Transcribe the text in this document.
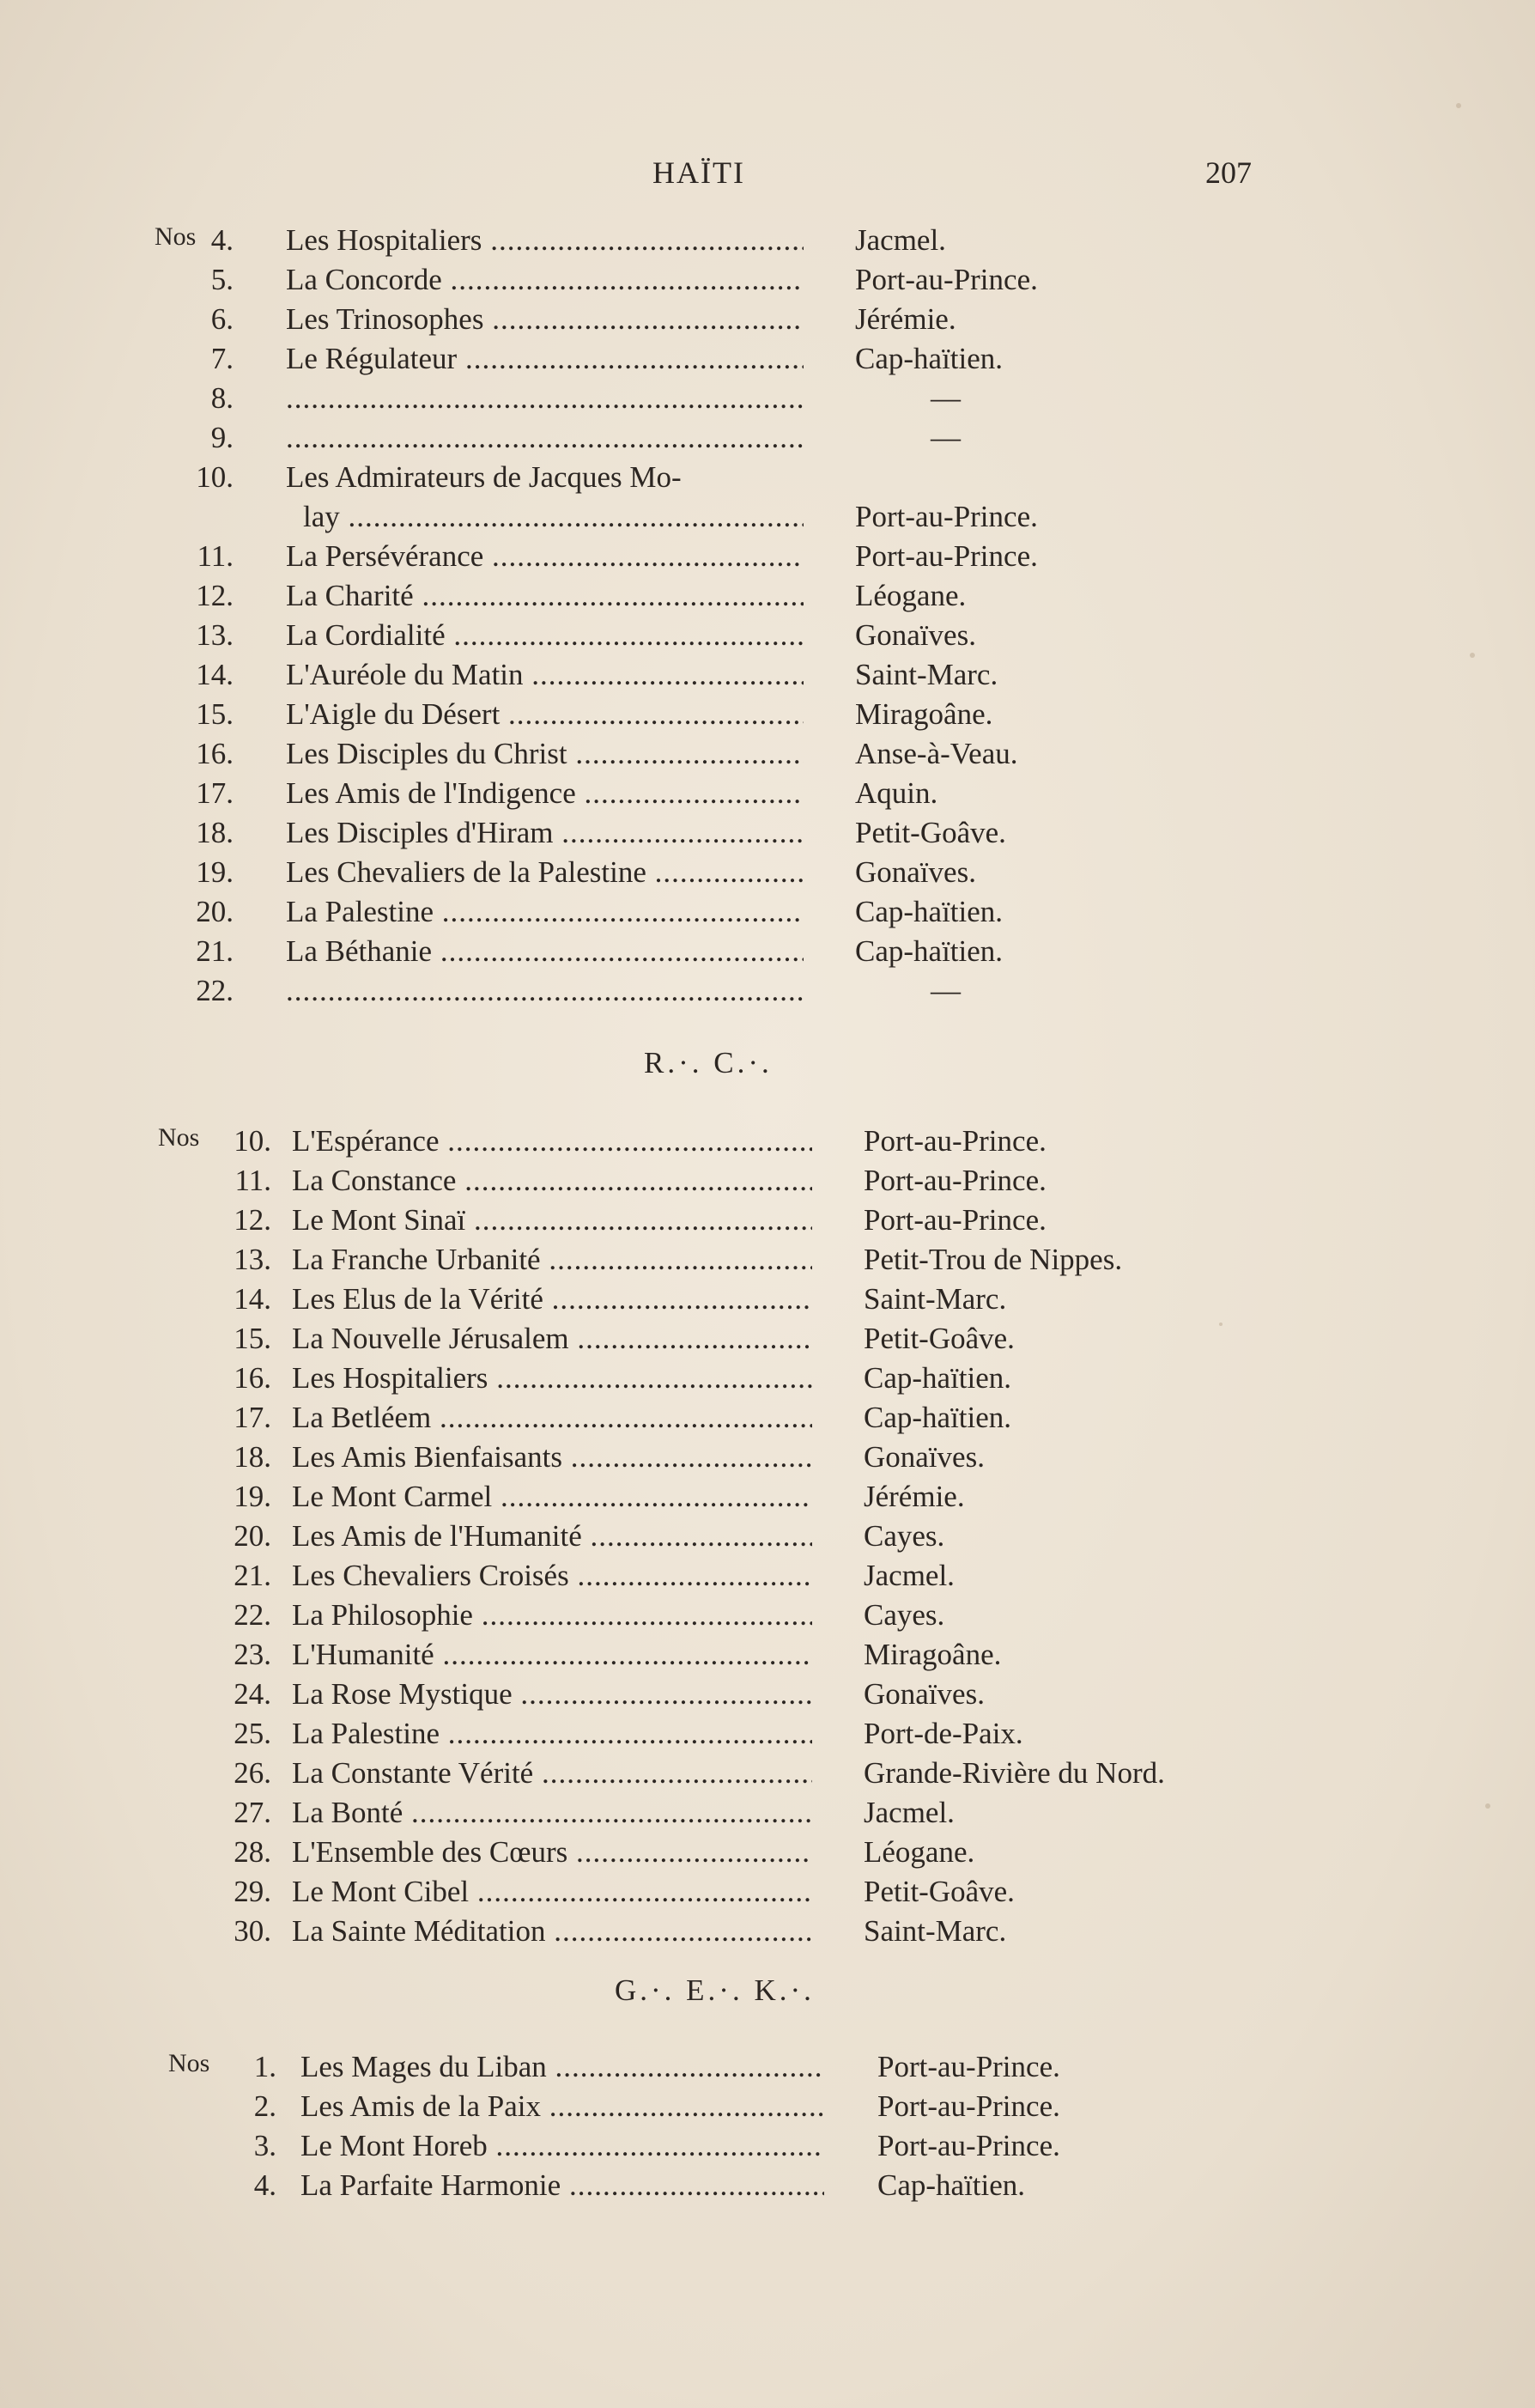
HAÏTI	207
Nos 4. Les Hospitaliers .....	Jacmel.
5. La Concorde .....	Port-au-Prince.
6. Les Trinosophes .....	Jérémie.
7. Le Régulateur .....	Cap-haïtien.
8. .....	—
9. .....	—
10. Les Admirateurs de Jacques Mo-
lay .....	Port-au-Prince.
11. La Persévérance .....	Port-au-Prince.
12. La Charité .....	Léogane.
13. La Cordialité .....	Gonaïves.
14. L'Auréole du Matin .....	Saint-Marc.
15. L'Aigle du Désert .....	Miragoâne.
16. Les Disciples du Christ .....	Anse-à-Veau.
17. Les Amis de l'Indigence .....	Aquin.
18. Les Disciples d'Hiram .....	Petit-Goâve.
19. Les Chevaliers de la Palestine .....	Gonaïves.
20. La Palestine .....	Cap-haïtien.
21. La Béthanie .....	Cap-haïtien.
22. .....	—
R.·. C.·.
Nos	10. L'Espérance .....	Port-au-Prince.
11. La Constance .....	Port-au-Prince.
12. Le Mont Sinaï .....	Port-au-Prince.
13. La Franche Urbanité .....	Petit-Trou de Nippes.
14. Les Elus de la Vérité .....	Saint-Marc.
15. La Nouvelle Jérusalem .....	Petit-Goâve.
16. Les Hospitaliers .....	Cap-haïtien.
17. La Betléem .....	Cap-haïtien.
18. Les Amis Bienfaisants .....	Gonaïves.
19. Le Mont Carmel .....	Jérémie.
20. Les Amis de l'Humanité .....	Cayes.
21. Les Chevaliers Croisés .....	Jacmel.
22. La Philosophie .....	Cayes.
23. L'Humanité .....	Miragoâne.
24. La Rose Mystique .....	Gonaïves.
25. La Palestine .....	Port-de-Paix.
26. La Constante Vérité .....	Grande-Rivière du Nord.
27. La Bonté .....	Jacmel.
28. L'Ensemble des Cœurs .....	Léogane.
29. Le Mont Cibel .....	Petit-Goâve.
30. La Sainte Méditation .....	Saint-Marc.
G.·. E.·. K.·.
Nos	1. Les Mages du Liban .....	Port-au-Prince.
2. Les Amis de la Paix .....	Port-au-Prince.
3. Le Mont Horeb .....	Port-au-Prince.
4. La Parfaite Harmonie .....	Cap-haïtien.
